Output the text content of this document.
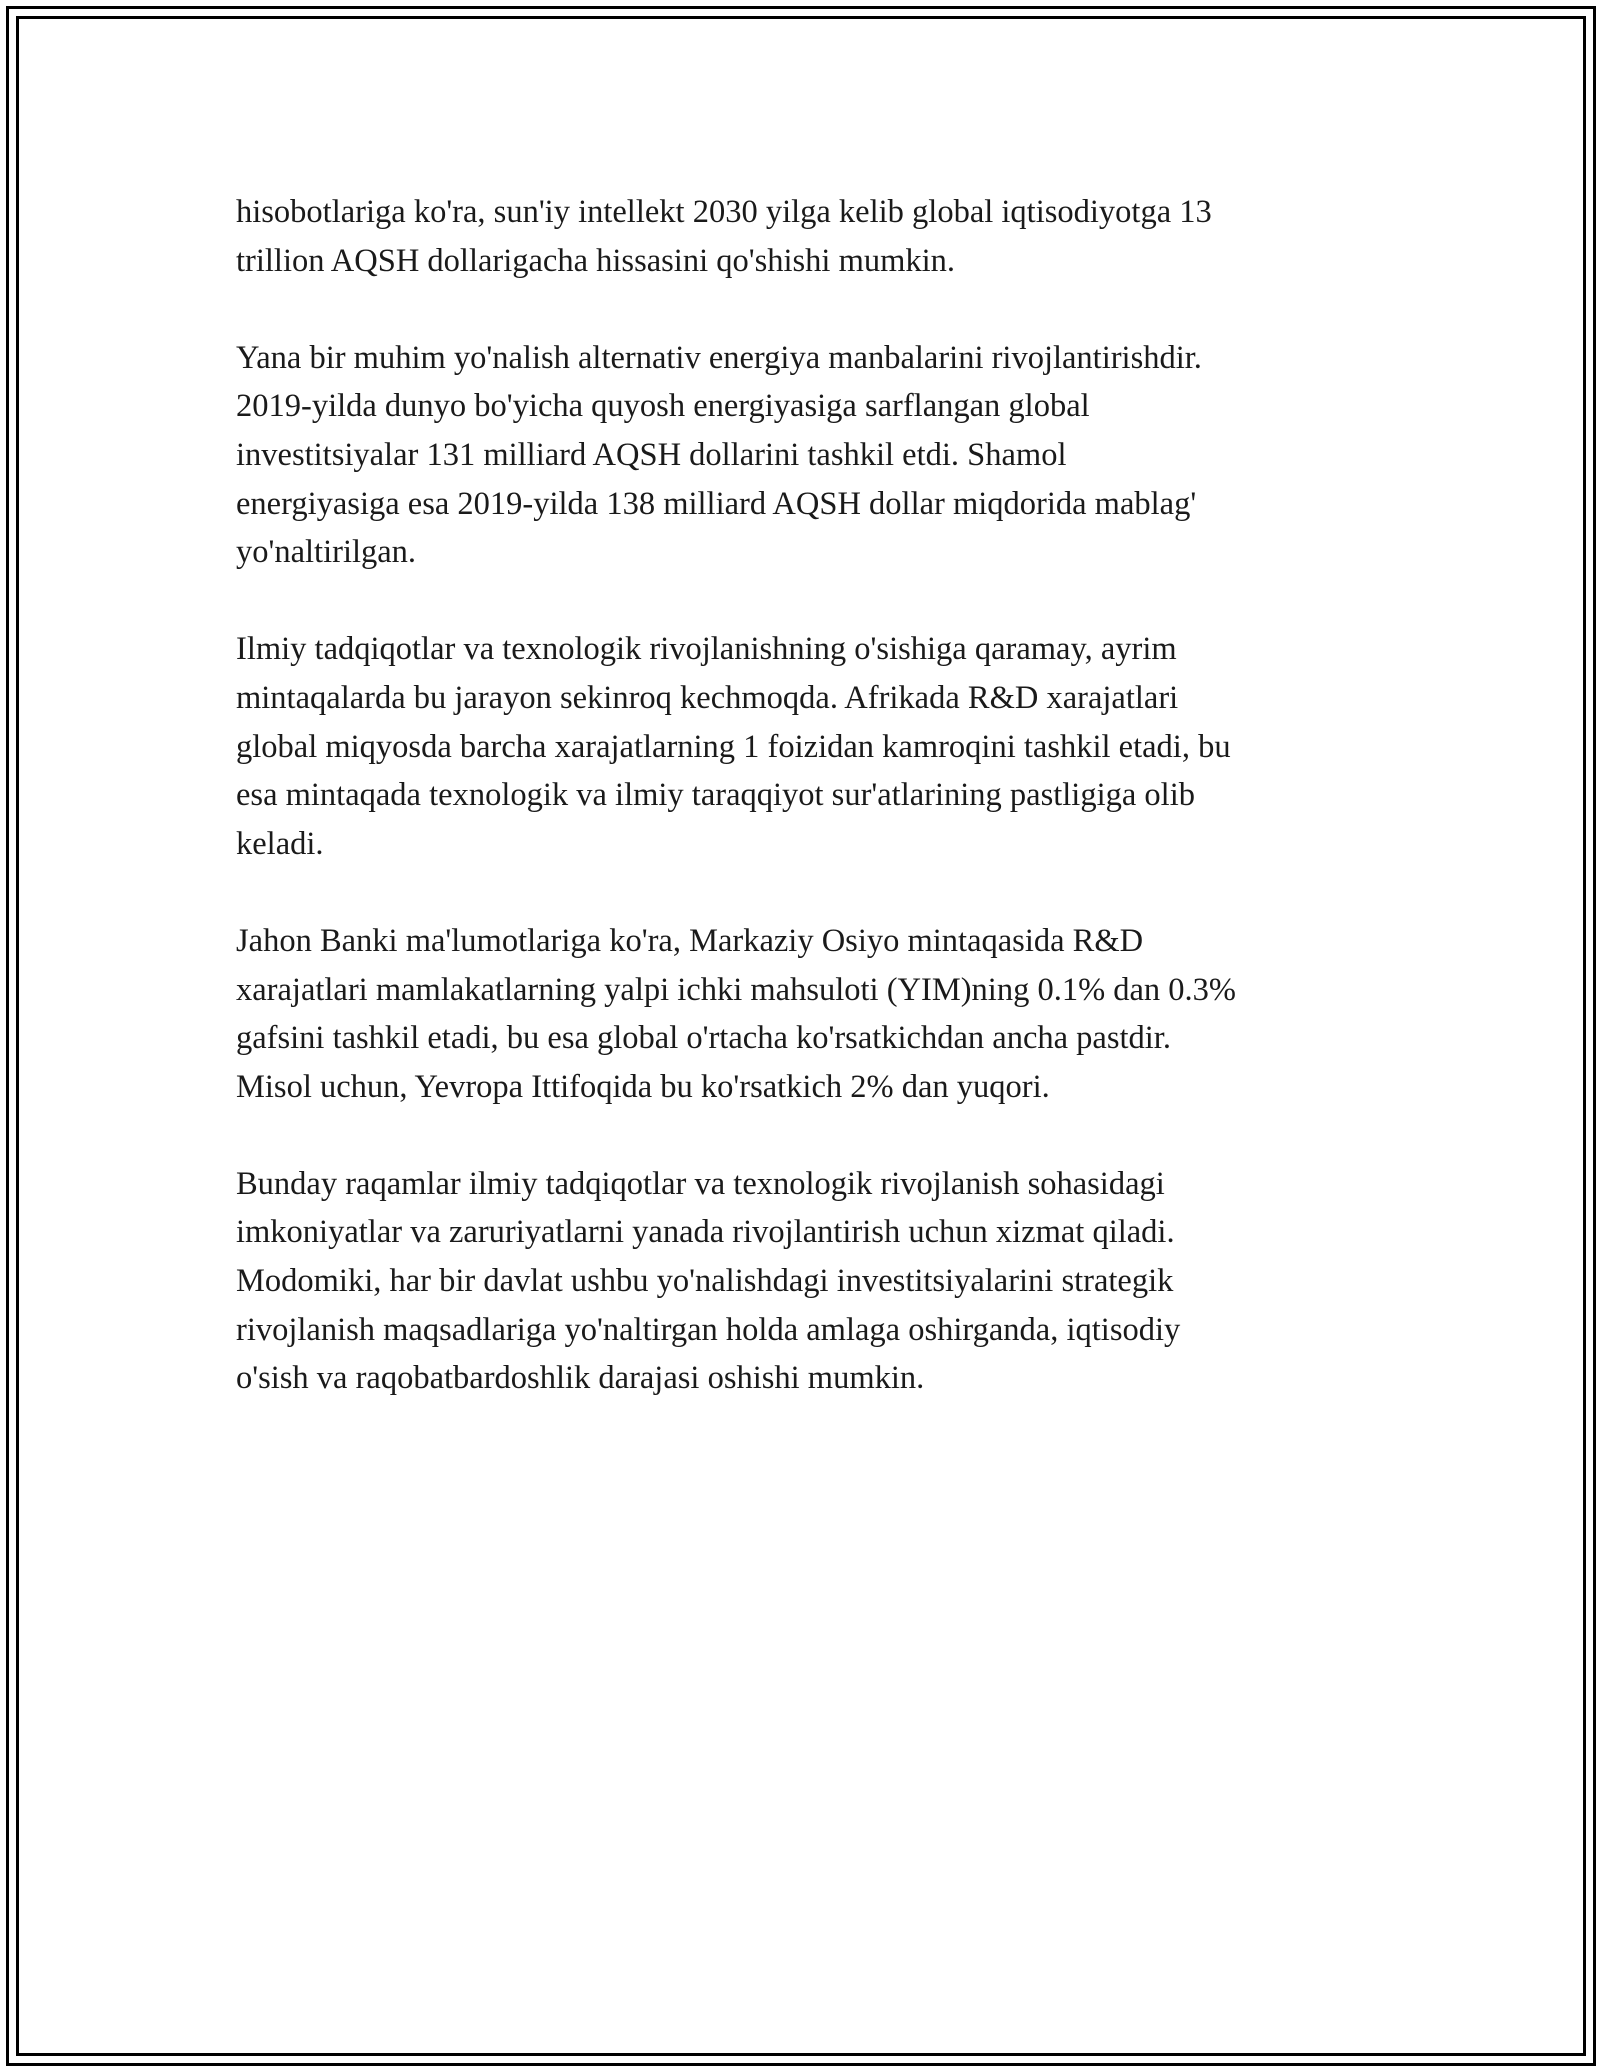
hisobotlariga ko'ra, sun'iy intellekt 2030 yilga kelib global iqtisodiyotga 13
trillion AQSH dollarigacha hissasini qo'shishi mumkin.

Yana bir muhim yo'nalish alternativ energiya manbalarini rivojlantirishdir.
2019-yilda dunyo bo'yicha quyosh energiyasiga sarflangan global
investitsiyalar 131 milliard AQSH dollarini tashkil etdi. Shamol
energiyasiga esa 2019-yilda 138 milliard AQSH dollar miqdorida mablag'
yo'naltirilgan.

Ilmiy tadqiqotlar va texnologik rivojlanishning o'sishiga qaramay, ayrim
mintaqalarda bu jarayon sekinroq kechmoqda. Afrikada R&D xarajatlari
global miqyosda barcha xarajatlarning 1 foizidan kamroqini tashkil etadi, bu
esa mintaqada texnologik va ilmiy taraqqiyot sur'atlarining pastligiga olib
keladi.

Jahon Banki ma'lumotlariga ko'ra, Markaziy Osiyo mintaqasida R&D
xarajatlari mamlakatlarning yalpi ichki mahsuloti (YIM)ning 0.1% dan 0.3%
gafsini tashkil etadi, bu esa global o'rtacha ko'rsatkichdan ancha pastdir.
Misol uchun, Yevropa Ittifoqida bu ko'rsatkich 2% dan yuqori.

Bunday raqamlar ilmiy tadqiqotlar va texnologik rivojlanish sohasidagi
imkoniyatlar va zaruriyatlarni yanada rivojlantirish uchun xizmat qiladi.
Modomiki, har bir davlat ushbu yo'nalishdagi investitsiyalarini strategik
rivojlanish maqsadlariga yo'naltirgan holda amlaga oshirganda, iqtisodiy
o'sish va raqobatbardoshlik darajasi oshishi mumkin.
